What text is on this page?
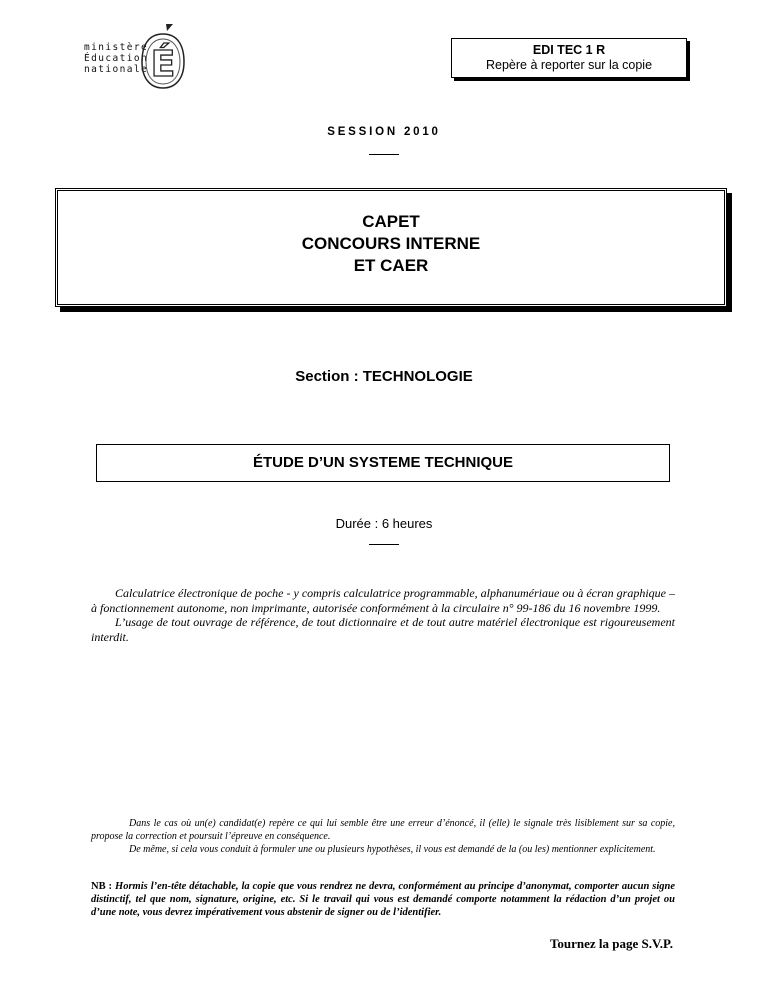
ministère
Éducation
nationale É	EDI TEC 1 R
Repère à reporter sur la copie
SESSION 2010
CAPET
CONCOURS INTERNE
ET CAER
Section : TECHNOLOGIE
ÉTUDE D’UN SYSTEME TECHNIQUE
Durée : 6 heures

Calculatrice électronique de poche - y compris calculatrice programmable, alphanumériaue ou à écran graphique – à fonctionnement autonome, non imprimante, autorisée conformément à la circulaire n° 99-186 du 16 novembre 1999.

L’usage de tout ouvrage de référence, de tout dictionnaire et de tout autre matériel électronique est rigoureusement interdit.

Dans le cas où un(e) candidat(e) repère ce qui lui semble être une erreur d’énoncé, il (elle) le signale très lisiblement sur sa copie, propose la correction et poursuit l’épreuve en conséquence.

De même, si cela vous conduit à formuler une ou plusieurs hypothèses, il vous est demandé de la (ou les) mentionner explicitement.

NB : Hormis l’en-tête détachable, la copie que vous rendrez ne devra, conformément au principe d’anonymat, comporter aucun signe distinctif, tel que nom, signature, origine, etc. Si le travail qui vous est demandé comporte notamment la rédaction d’un projet ou d’une note, vous devrez impérativement vous abstenir de signer ou de l’identifier.
Tournez la page S.V.P.
